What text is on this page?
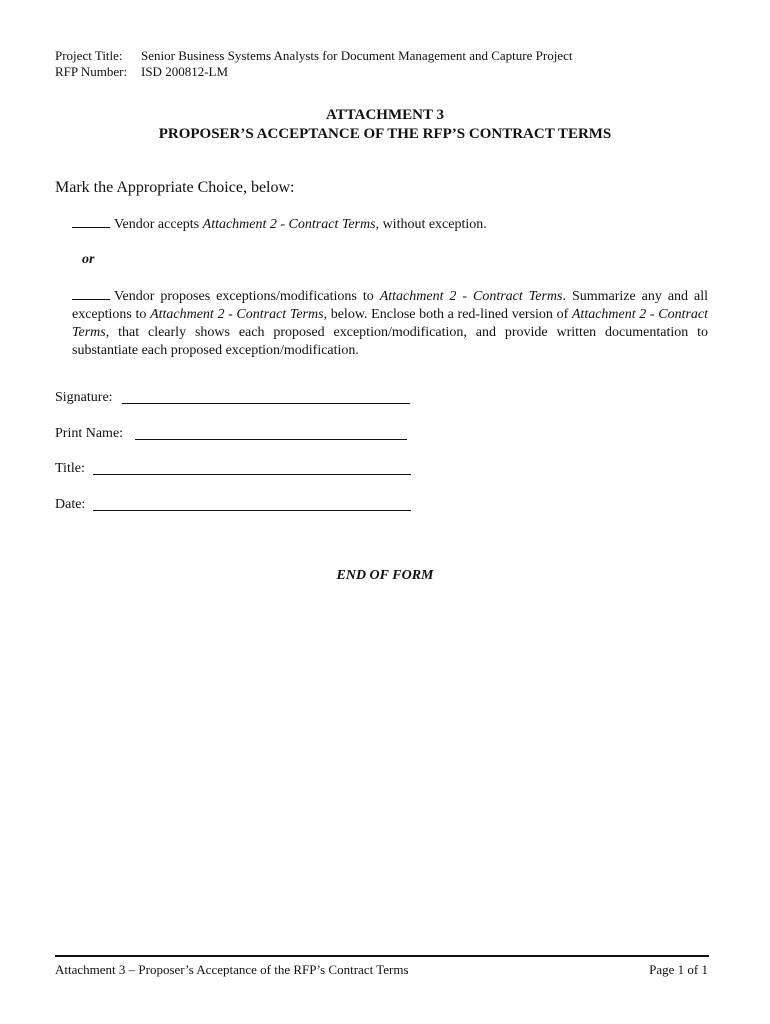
Project Title: Senior Business Systems Analysts for Document Management and Capture Project
RFP Number: ISD 200812-LM
ATTACHMENT 3
PROPOSER’S ACCEPTANCE OF THE RFP’S CONTRACT TERMS
Mark the Appropriate Choice, below:
Vendor accepts Attachment 2 - Contract Terms, without exception.
or
Vendor proposes exceptions/modifications to Attachment 2 - Contract Terms. Summarize any and all exceptions to Attachment 2 - Contract Terms, below. Enclose both a red-lined version of Attachment 2 - Contract Terms, that clearly shows each proposed exception/modification, and provide written documentation to substantiate each proposed exception/modification.
Signature:
Print Name:
Title:
Date:
END OF FORM
Attachment 3 – Proposer’s Acceptance of the RFP’s Contract Terms	Page 1 of 1
